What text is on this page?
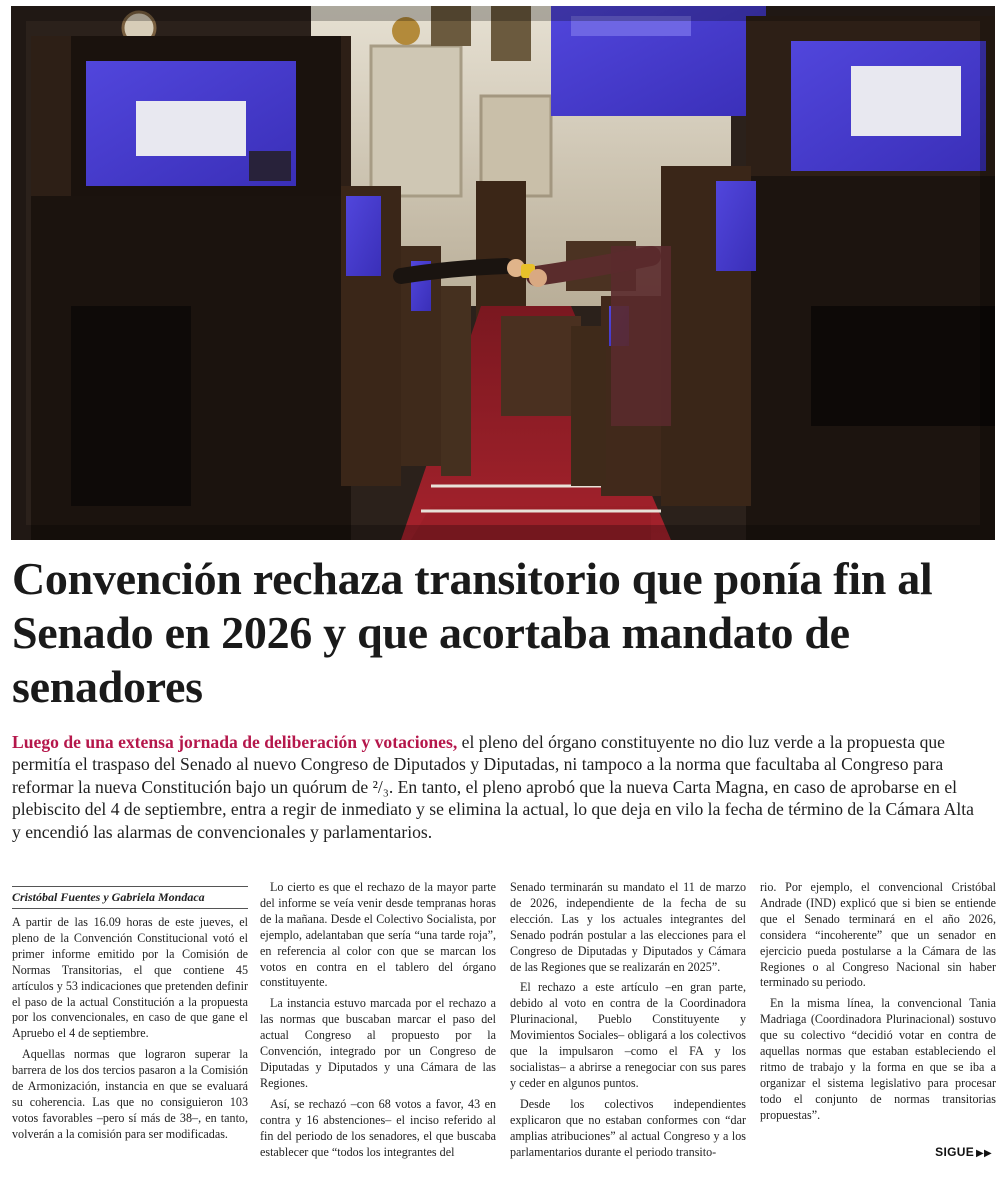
Convención rechaza transitorio que ponía fin al Senado en 2026 y que acortaba mandato de senadores

Luego de una extensa jornada de deliberación y votaciones, el pleno del órgano constituyente no dio luz verde a la propuesta que permitía el traspaso del Senado al nuevo Congreso de Diputados y Diputadas, ni tampoco a la norma que facultaba al Congreso para reformar la nueva Constitución bajo un quórum de ²/₃. En tanto, el pleno aprobó que la nueva Carta Magna, en caso de aprobarse en el plebiscito del 4 de septiembre, entra a regir de inmediato y se elimina la actual, lo que deja en vilo la fecha de término de la Cámara Alta y encendió las alarmas de convencionales y parlamentarios.

Cristóbal Fuentes y Gabriela Mondaca

A partir de las 16.09 horas de este jueves, el pleno de la Convención Constitucional votó el primer informe emitido por la Comisión de Normas Transitorias, el que contiene 45 artículos y 53 indicaciones que pretenden definir el paso de la actual Constitución a la propuesta por los convencionales, en caso de que gane el Apruebo el 4 de septiembre.

Aquellas normas que lograron superar la barrera de los dos tercios pasaron a la Comisión de Armonización, instancia en que se evaluará su coherencia. Las que no consiguieron 103 votos favorables –pero sí más de 38–, en tanto, volverán a la comisión para ser modificadas.

Lo cierto es que el rechazo de la mayor parte del informe se veía venir desde tempranas horas de la mañana. Desde el Colectivo Socialista, por ejemplo, adelantaban que sería “una tarde roja”, en referencia al color con que se marcan los votos en contra en el tablero del órgano constituyente.

La instancia estuvo marcada por el rechazo a las normas que buscaban marcar el paso del actual Congreso al propuesto por la Convención, integrado por un Congreso de Diputadas y Diputados y una Cámara de las Regiones.

Así, se rechazó –con 68 votos a favor, 43 en contra y 16 abstenciones– el inciso referido al fin del periodo de los senadores, el que buscaba establecer que “todos los integrantes del

Senado terminarán su mandato el 11 de marzo de 2026, independiente de la fecha de su elección. Las y los actuales integrantes del Senado podrán postular a las elecciones para el Congreso de Diputadas y Diputados y Cámara de las Regiones que se realizarán en 2025”.

El rechazo a este artículo –en gran parte, debido al voto en contra de la Coordinadora Plurinacional, Pueblo Constituyente y Movimientos Sociales– obligará a los colectivos que la impulsaron –como el FA y los socialistas– a abrirse a renegociar con sus pares y ceder en algunos puntos.

Desde los colectivos independientes explicaron que no estaban conformes con “dar amplias atribuciones” al actual Congreso y a los parlamentarios durante el periodo transito-

rio. Por ejemplo, el convencional Cristóbal Andrade (IND) explicó que si bien se entiende que el Senado terminará en el año 2026, considera “incoherente” que un senador en ejercicio pueda postularse a la Cámara de las Regiones o al Congreso Nacional sin haber terminado su periodo.

En la misma línea, la convencional Tania Madriaga (Coordinadora Plurinacional) sostuvo que su colectivo “decidió votar en contra de aquellas normas que estaban estableciendo el ritmo de trabajo y la forma en que se iba a organizar el sistema legislativo para procesar todo el conjunto de normas transitorias propuestas”.

SIGUE ▶▶
